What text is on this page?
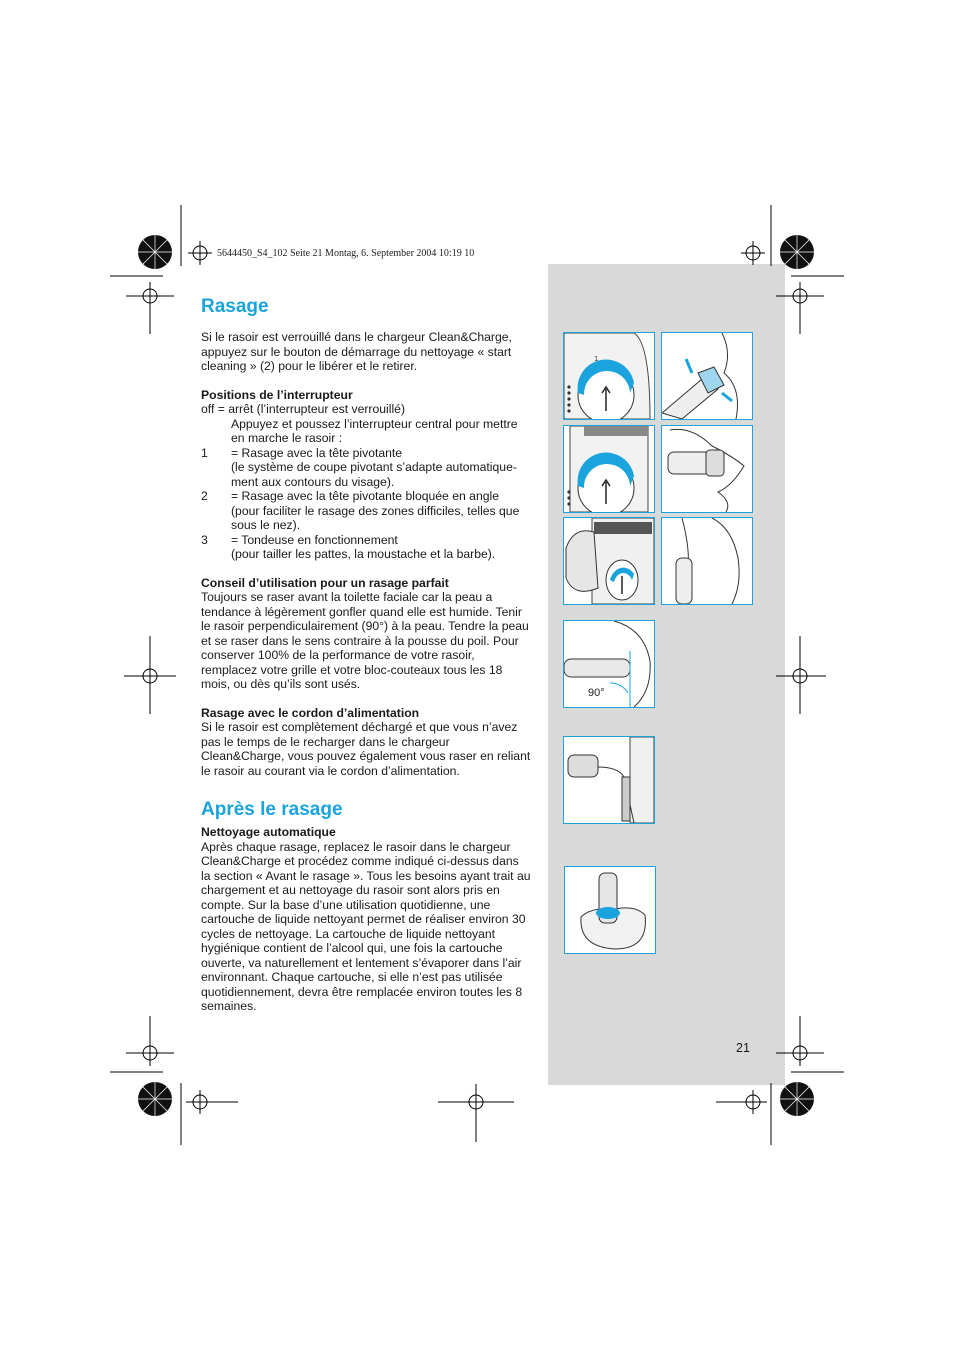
5644450_S4_102 Seite 21 Montag, 6. September 2004 10:19 10
Rasage

Si le rasoir est verrouillé dans le chargeur Clean&Charge, appuyez sur le bouton de démarrage du nettoyage « start cleaning » (2) pour le libérer et le retirer.

Positions de l’interrupteur

off = arrêt (l’interrupteur est verrouillé)

Appuyez et poussez l’interrupteur central pour mettre en marche le rasoir :

1	= Rasage avec la tête pivotante
(le système de coupe pivotant s’adapte automatique-ment aux contours du visage).
2	= Rasage avec la tête pivotante bloquée en angle
(pour faciliter le rasage des zones difficiles, telles que sous le nez).
3	= Tondeuse en fonctionnement
(pour tailler les pattes, la moustache et la barbe).

Conseil d’utilisation pour un rasage parfait

Toujours se raser avant la toilette faciale car la peau a tendance à légèrement gonfler quand elle est humide. Tenir le rasoir perpendiculairement (90°) à la peau. Tendre la peau et se raser dans le sens contraire à la pousse du poil. Pour conserver 100% de la performance de votre rasoir, remplacez votre grille et votre bloc-couteaux tous les 18 mois, ou dès qu’ils sont usés.

Rasage avec le cordon d’alimentation

Si le rasoir est complètement déchargé et que vous n’avez pas le temps de le recharger dans le chargeur Clean&Charge, vous pouvez également vous raser en reliant le rasoir au courant via le cordon d’alimentation.

Après le rasage

Nettoyage automatique

Après chaque rasage, replacez le rasoir dans le chargeur Clean&Charge et procédez comme indiqué ci-dessus dans la section « Avant le rasage ». Tous les besoins ayant trait au chargement et au nettoyage du rasoir sont alors pris en compte. Sur la base d’une utilisation quotidienne, une cartouche de liquide nettoyant permet de réaliser environ 30 cycles de nettoyage. La cartouche de liquide nettoyant hygiénique contient de l’alcool qui, une fois la cartouche ouverte, va naturellement et lentement s’évaporer dans l’air environnant. Chaque cartouche, si elle n’est pas utilisée quotidiennement, devra être remplacée environ toutes les 8 semaines.

1
90°
21
